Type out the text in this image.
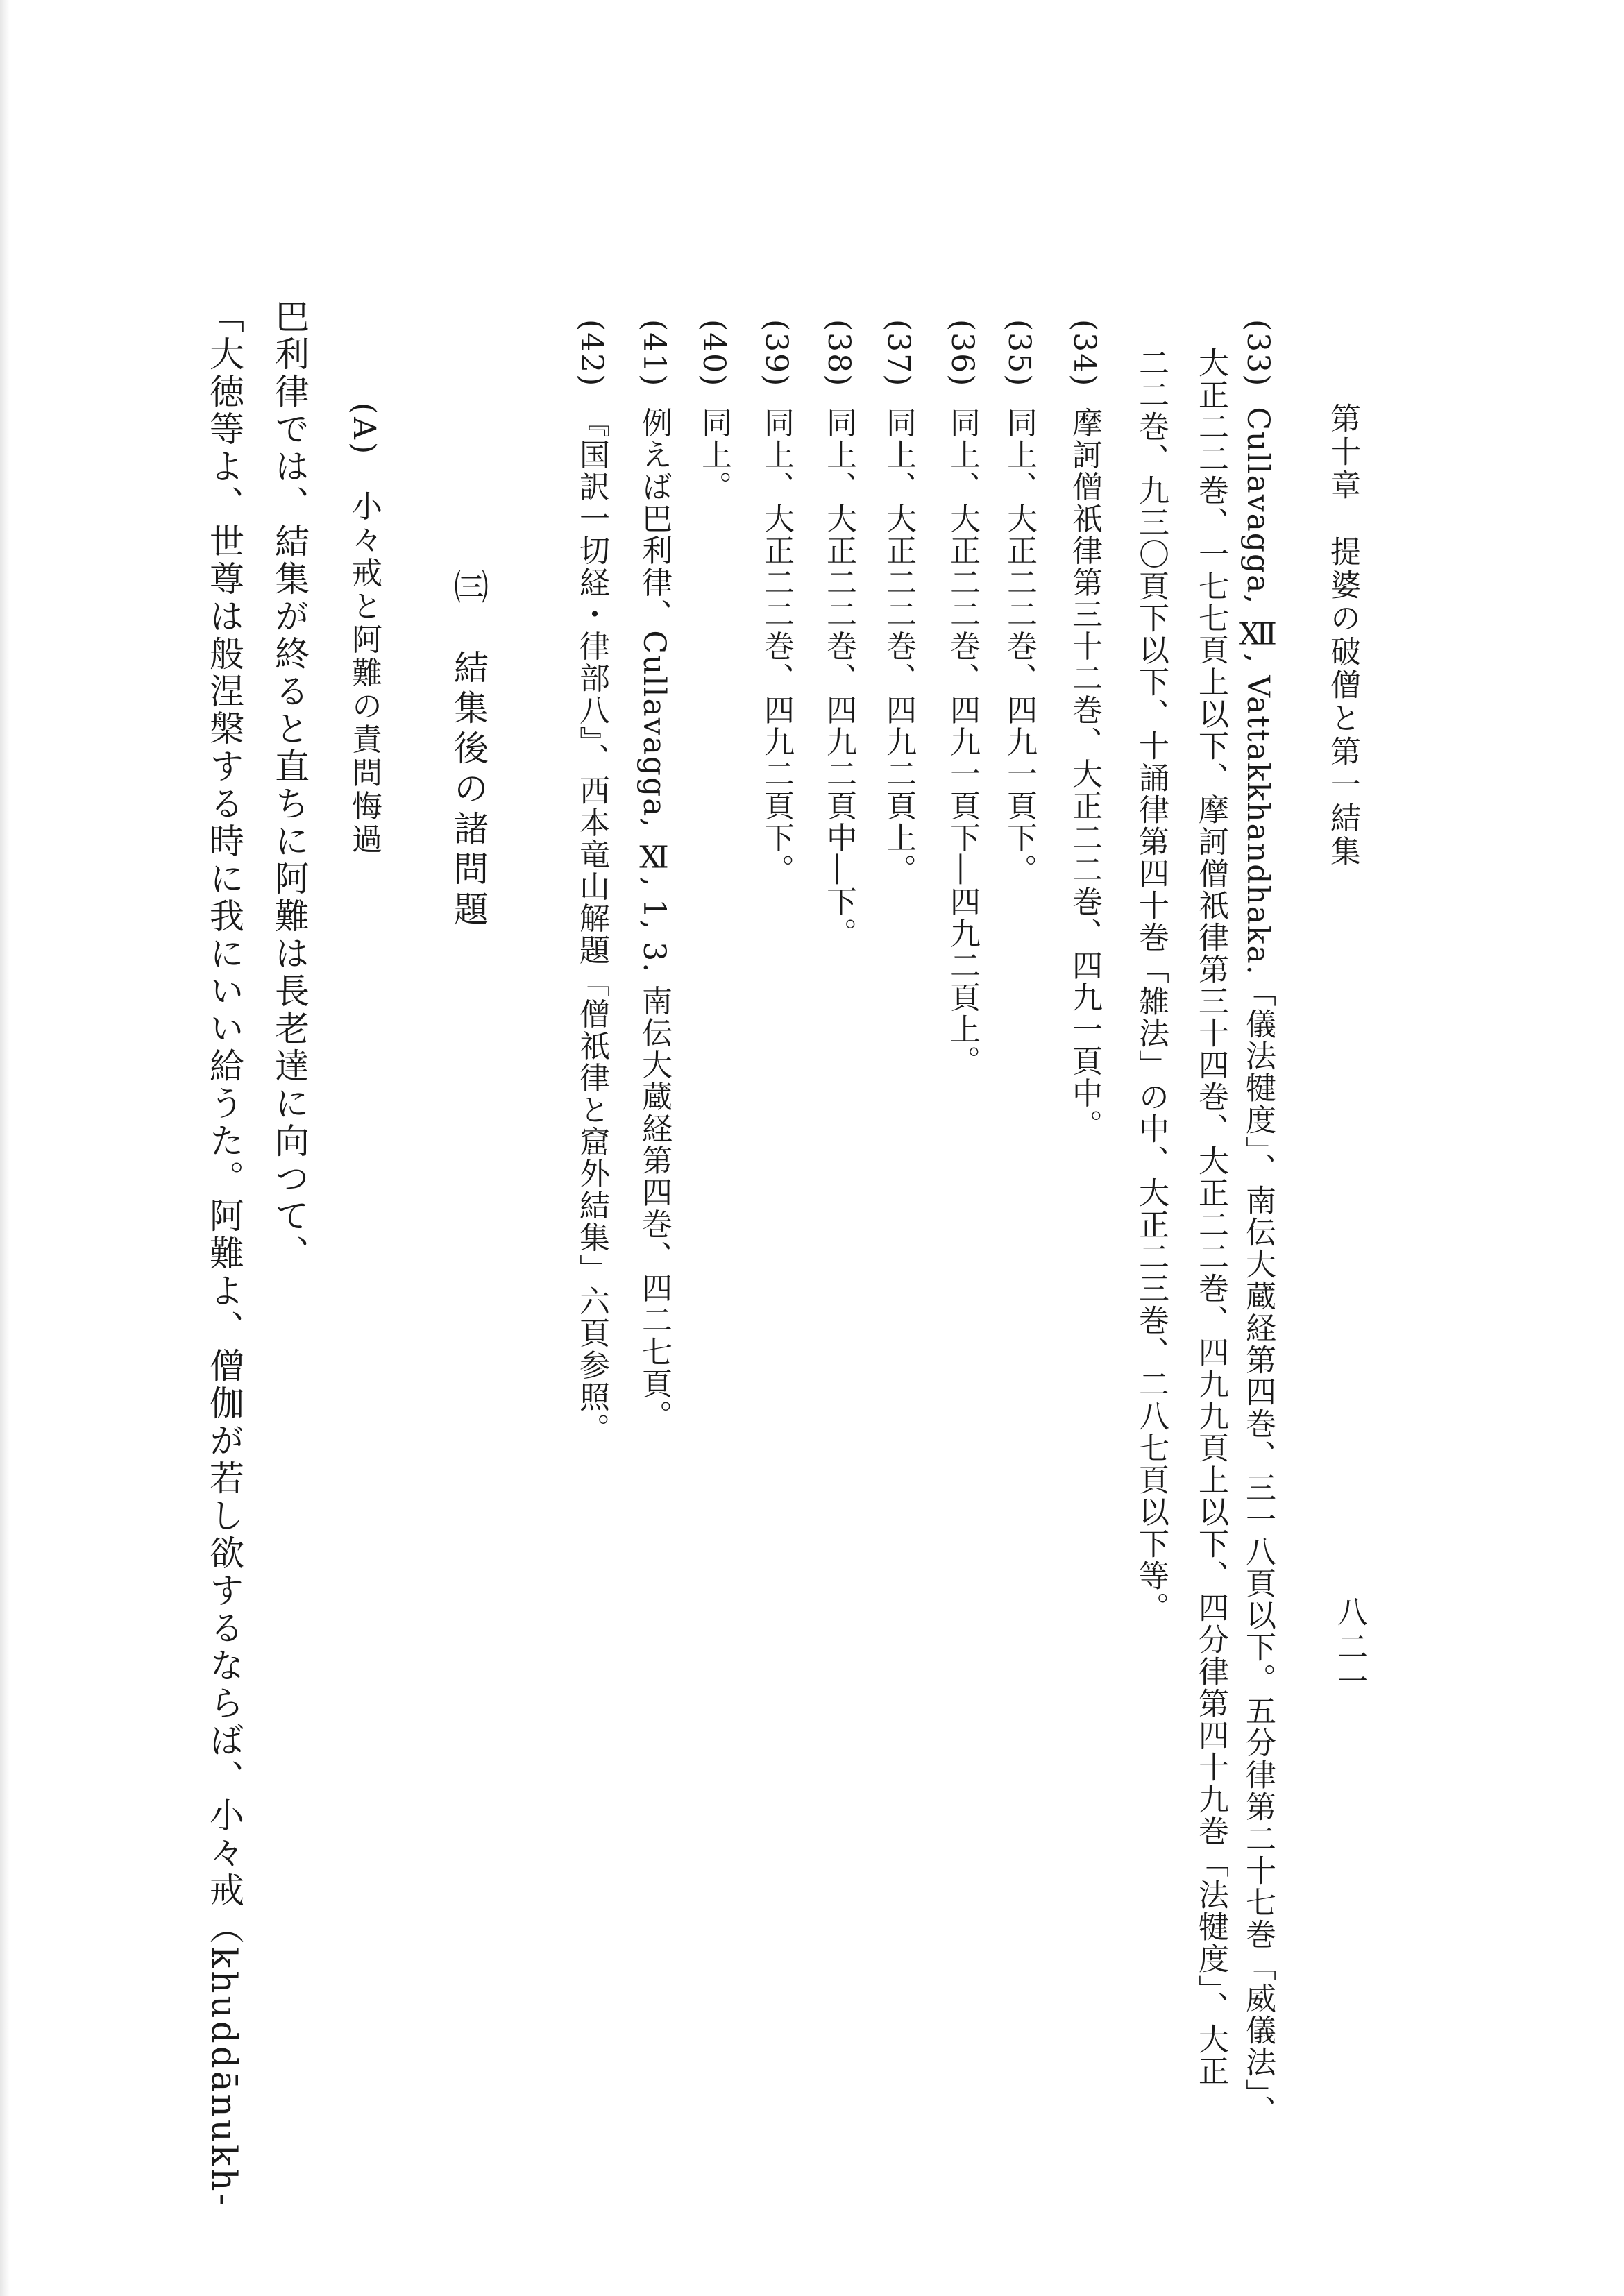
八二一
第十章　提婆の破僧と第一結集
(33)Cullavagga, Ⅻ, Vattakkhandhaka.「儀法犍度」、南伝大蔵経第四巻、三一八頁以下。五分律第二十七巻「威儀法」、
大正二二巻、一七七頁上以下、摩訶僧祇律第三十四巻、大正二二巻、四九九頁上以下、四分律第四十九巻「法犍度」、大正
二二巻、九三〇頁下以下、十誦律第四十巻「雑法」の中、大正二三巻、二八七頁以下等。
(34)摩訶僧祇律第三十二巻、大正二二巻、四九一頁中。
(35)同上、大正二二巻、四九一頁下。
(36)同上、大正二二巻、四九一頁下―四九二頁上。
(37)同上、大正二二巻、四九二頁上。
(38)同上、大正二二巻、四九二頁中―下。
(39)同上、大正二二巻、四九二頁下。
(40)同上。
(41)例えば巴利律、Cullavagga, Ⅺ, 1, 3. 南伝大蔵経第四巻、四二七頁。
(42)『国訳一切経・律部八』、西本竜山解題「僧祇律と窟外結集」六頁参照。
㈢　結集後の諸問題
(A)　小々戒と阿難の責問悔過
巴利律では、結集が終ると直ちに阿難は長老達に向つて、
「大徳等よ、世尊は般涅槃する時に我にいい給うた。阿難よ、僧伽が若し欲するならば、小々戒（khuddānukh-
